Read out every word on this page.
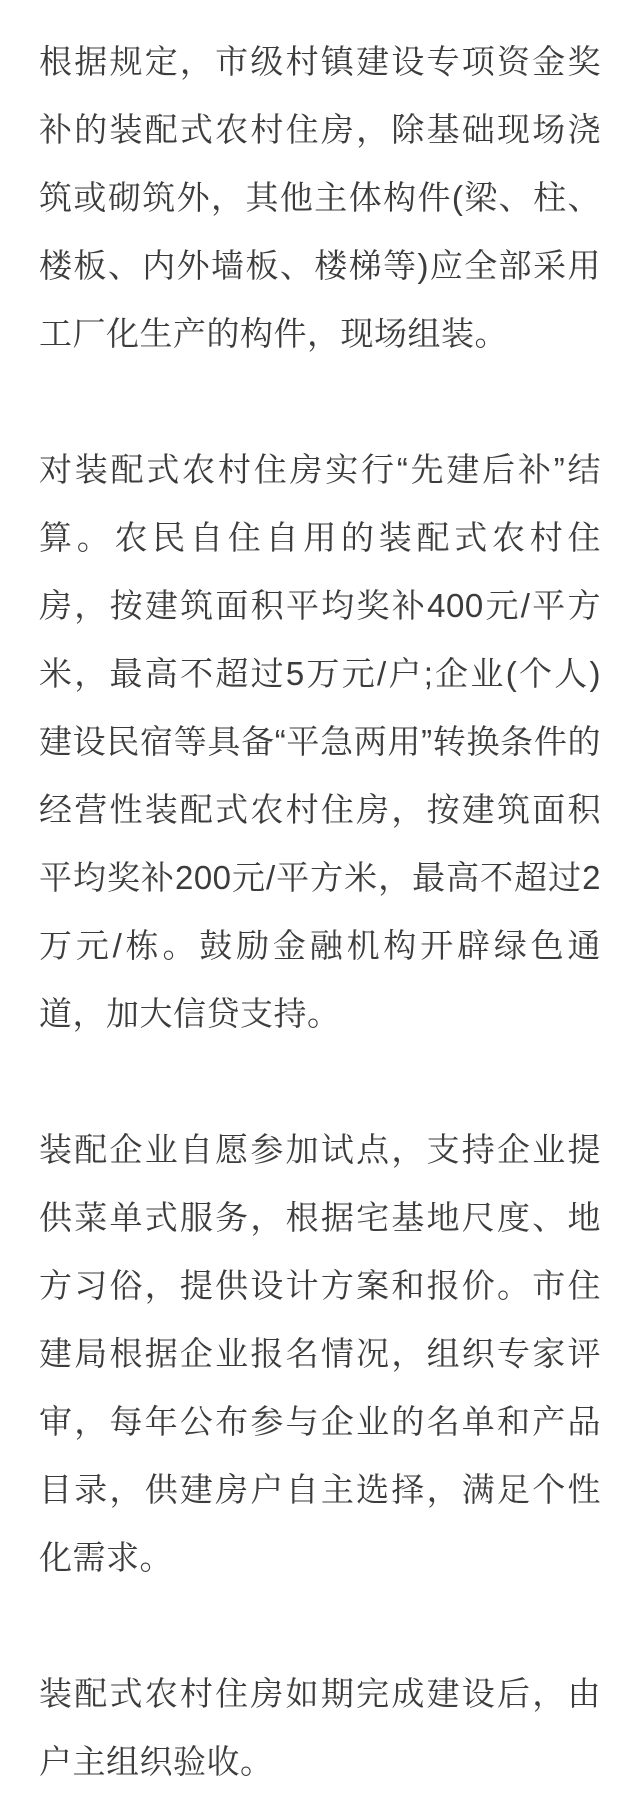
根据规定，市级村镇建设专项资金奖补的装配式农村住房，除基础现场浇筑或砌筑外，其他主体构件(梁、柱、楼板、内外墙板、楼梯等)应全部采用工厂化生产的构件，现场组装。

对装配式农村住房实行“先建后补”结算。农民自住自用的装配式农村住房，按建筑面积平均奖补400元/平方米，最高不超过5万元/户;企业(个人)建设民宿等具备“平急两用”转换条件的经营性装配式农村住房，按建筑面积平均奖补200元/平方米，最高不超过2万元/栋。鼓励金融机构开辟绿色通道，加大信贷支持。

装配企业自愿参加试点，支持企业提供菜单式服务，根据宅基地尺度、地方习俗，提供设计方案和报价。市住建局根据企业报名情况，组织专家评审，每年公布参与企业的名单和产品目录，供建房户自主选择，满足个性化需求。

装配式农村住房如期完成建设后，由户主组织验收。
